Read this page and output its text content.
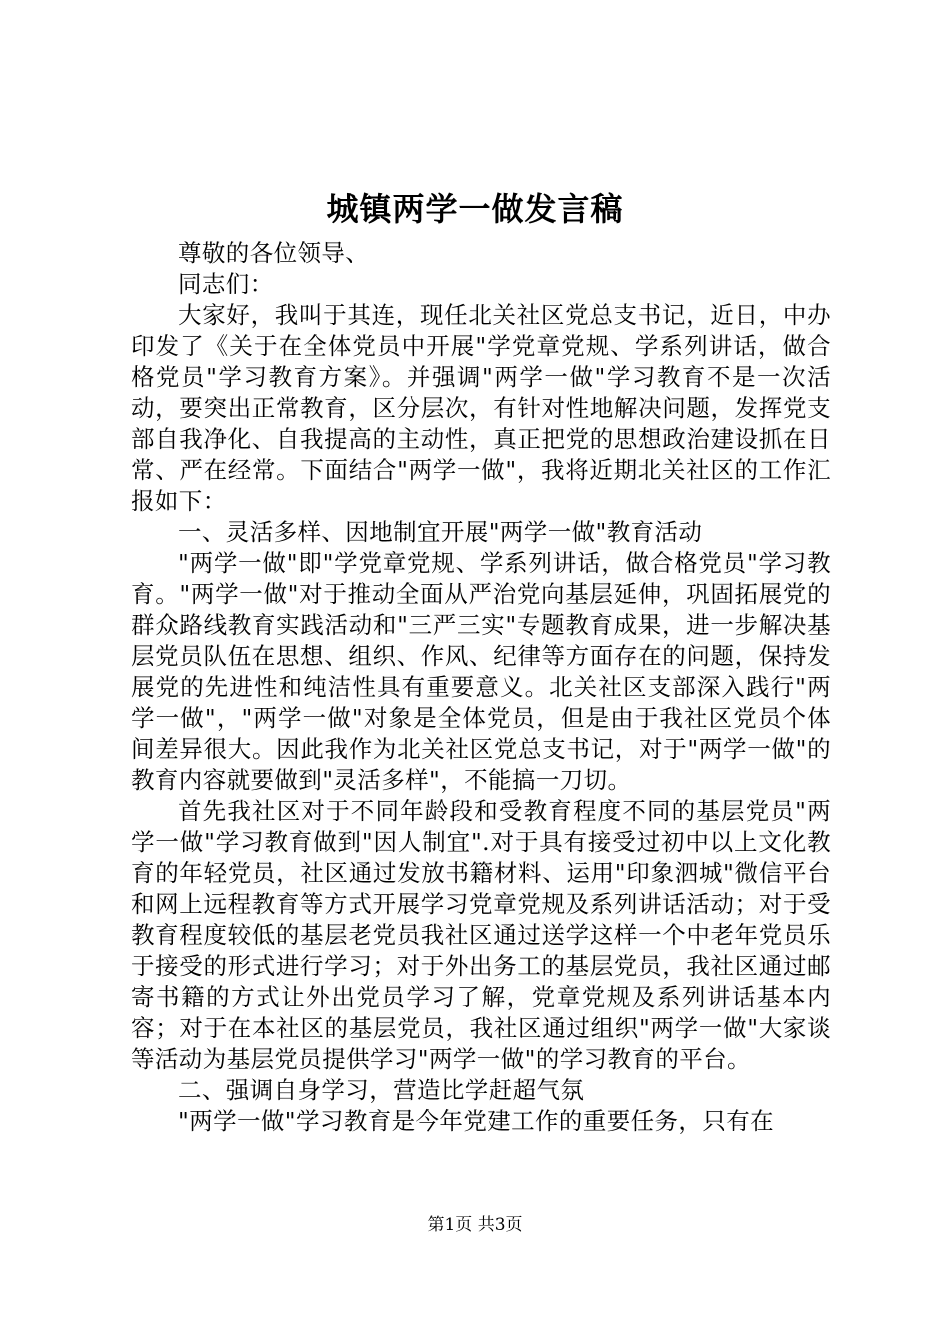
城镇两学一做发言稿

尊敬的各位领导、

同志们：

大家好，我叫于其连，现任北关社区党总支书记，近日，中办印发了《关于在全体党员中开展"学党章党规、学系列讲话，做合格党员"学习教育方案》。并强调"两学一做"学习教育不是一次活动，要突出正常教育，区分层次，有针对性地解决问题，发挥党支部自我净化、自我提高的主动性，真正把党的思想政治建设抓在日常、严在经常。下面结合"两学一做"，我将近期北关社区的工作汇报如下：

一、灵活多样、因地制宜开展"两学一做"教育活动

"两学一做"即"学党章党规、学系列讲话，做合格党员"学习教育。"两学一做"对于推动全面从严治党向基层延伸，巩固拓展党的群众路线教育实践活动和"三严三实"专题教育成果，进一步解决基层党员队伍在思想、组织、作风、纪律等方面存在的问题，保持发展党的先进性和纯洁性具有重要意义。北关社区支部深入践行"两学一做"，"两学一做"对象是全体党员，但是由于我社区党员个体间差异很大。因此我作为北关社区党总支书记，对于"两学一做"的教育内容就要做到"灵活多样"，不能搞一刀切。

首先我社区对于不同年龄段和受教育程度不同的基层党员"两学一做"学习教育做到"因人制宜".对于具有接受过初中以上文化教育的年轻党员，社区通过发放书籍材料、运用"印象泗城"微信平台和网上远程教育等方式开展学习党章党规及系列讲话活动；对于受教育程度较低的基层老党员我社区通过送学这样一个中老年党员乐于接受的形式进行学习；对于外出务工的基层党员，我社区通过邮寄书籍的方式让外出党员学习了解，党章党规及系列讲话基本内容；对于在本社区的基层党员，我社区通过组织"两学一做"大家谈等活动为基层党员提供学习"两学一做"的学习教育的平台。

二、强调自身学习，营造比学赶超气氛

"两学一做"学习教育是今年党建工作的重要任务，只有在

第1页 共3页
